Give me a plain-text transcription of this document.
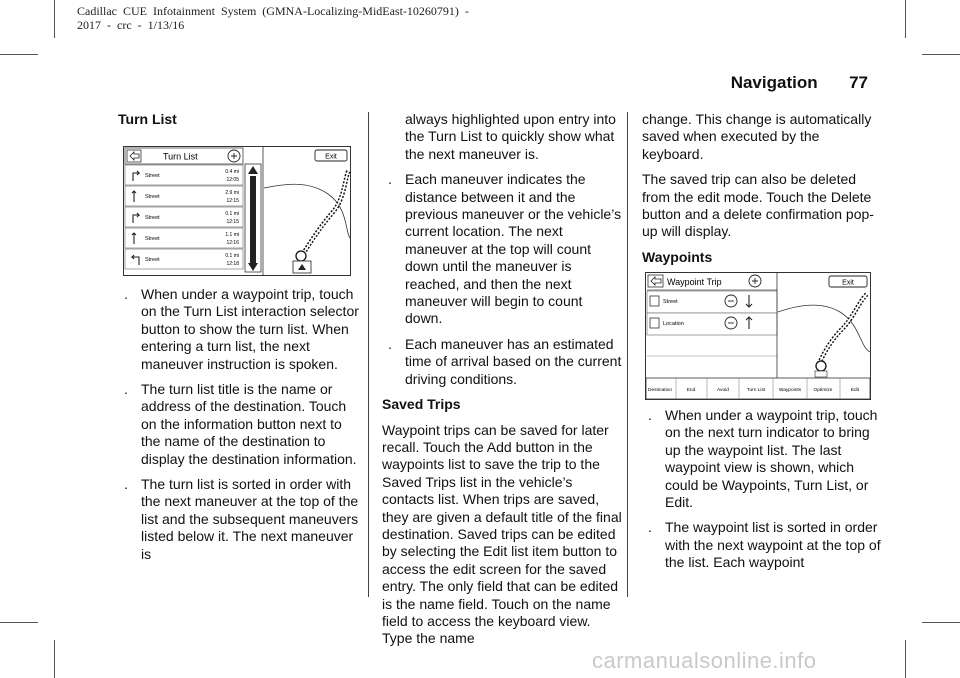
Cadillac  CUE  Infotainment  System  (GMNA-Localizing-MidEast-10260791)  -
2017  -  crc  -  1/13/16
Navigation 77
Turn List
Turn List
Street
0.4 mi
12:05
Street
2.9 mi
12:15
Street
0.1 mi
12:15
Street
1.1 mi
12:16
Street
0.1 mi
12:18
Exit
. When under a waypoint trip, touch on the Turn List interaction selector button to show the turn list. When entering a turn list, the next maneuver instruction is spoken.
. The turn list title is the name or address of the destination. Touch on the information button next to the name of the destination to display the destination information.
. The turn list is sorted in order with the next maneuver at the top of the list and the subsequent maneuvers listed below it. The next maneuver is

always highlighted upon entry into the Turn List to quickly show what the next maneuver is.

. Each maneuver indicates the distance between it and the previous maneuver or the vehicle’s current location. The next maneuver at the top will count down until the maneuver is reached, and then the next maneuver will begin to count down.
. Each maneuver has an estimated time of arrival based on the current driving conditions.
Saved Trips

Waypoint trips can be saved for later recall. Touch the Add button in the waypoints list to save the trip to the Saved Trips list in the vehicle’s contacts list. When trips are saved, they are given a default title of the final destination. Saved trips can be edited by selecting the Edit list item button to access the edit screen for the saved entry. The only field that can be edited is the name field. Touch on the name field to access the keyboard view. Type the name

change. This change is automatically saved when executed by the keyboard.

The saved trip can also be deleted from the edit mode. Touch the Delete button and a delete confirmation pop-up will display.

Waypoints
Waypoint Trip
Street
Location
Exit
Destination	End	Avoid	Turn List	Waypoints	Optimize	Edit
. When under a waypoint trip, touch on the next turn indicator to bring up the waypoint list. The last waypoint view is shown, which could be Waypoints, Turn List, or Edit.
. The waypoint list is sorted in order with the next waypoint at the top of the list. Each waypoint
carmanualsonline.info
